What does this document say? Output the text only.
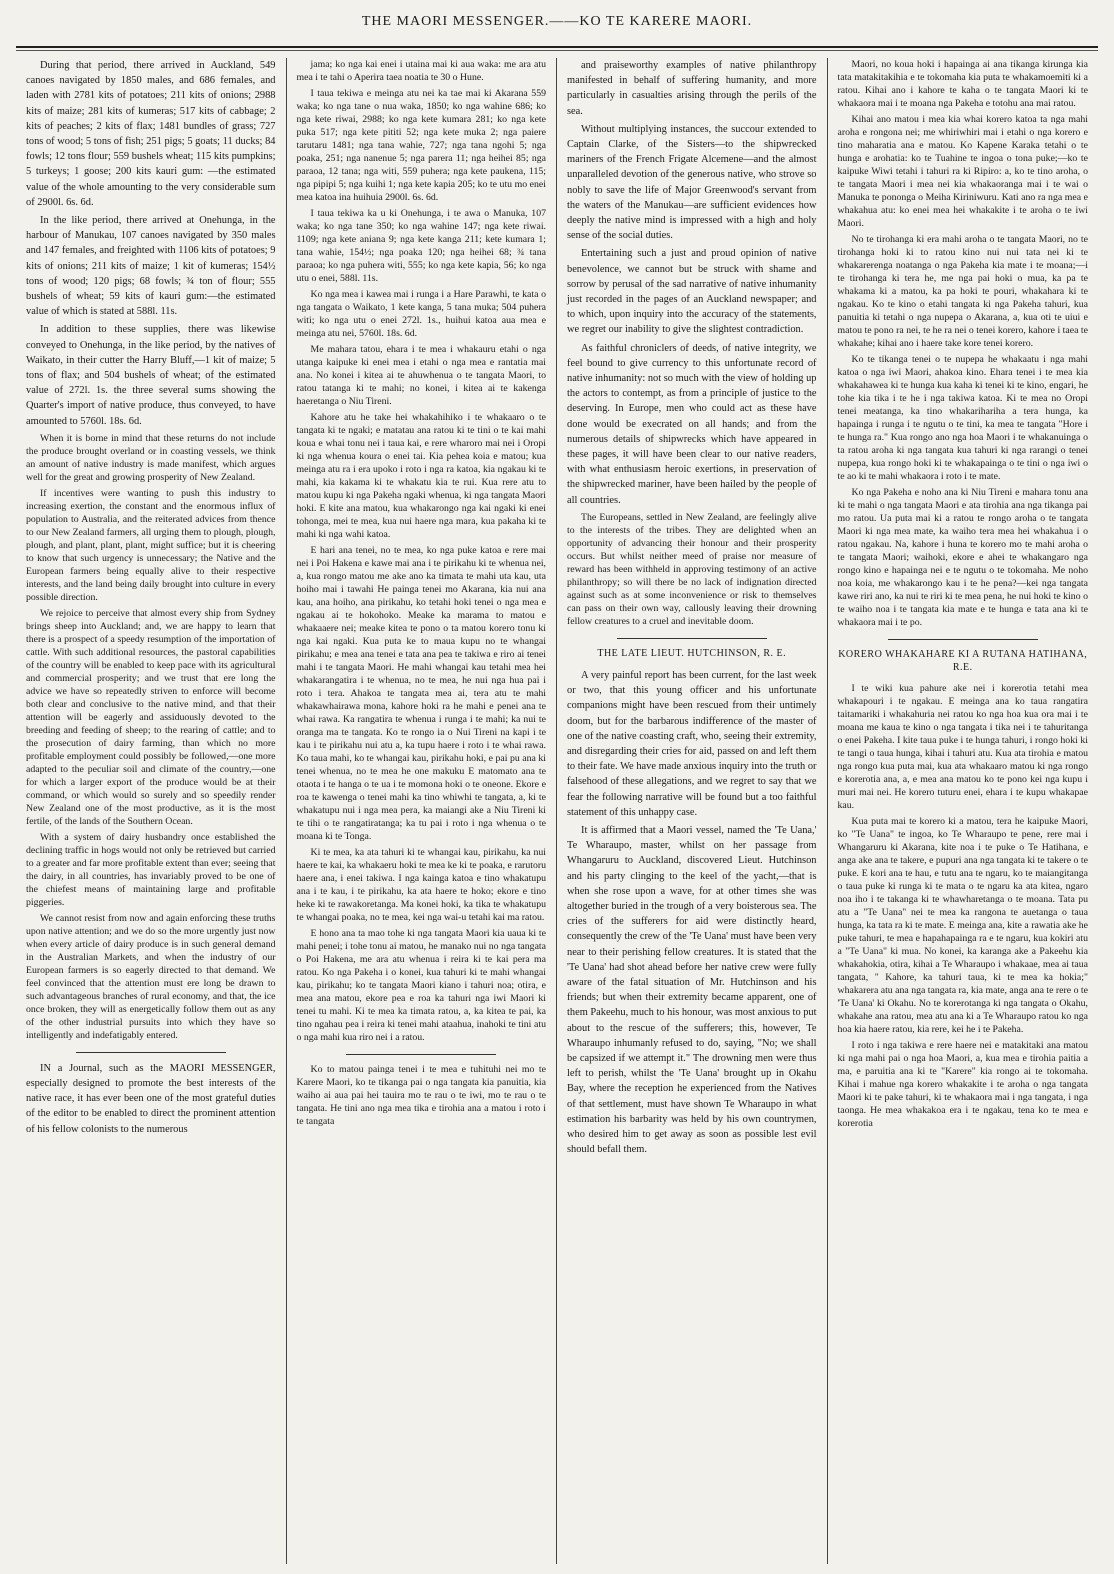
THE MAORI MESSENGER.——KO TE KARERE MAORI.

During that period, there arrived in Auckland, 549 canoes navigated by 1850 males, and 686 females, and laden with 2781 kits of potatoes; 211 kits of onions; 2988 kits of maize; 281 kits of kumeras; 517 kits of cabbage; 2 kits of peaches; 2 kits of flax; 1481 bundles of grass; 727 tons of wood; 5 tons of fish; 251 pigs; 5 goats; 11 ducks; 84 fowls; 12 tons flour; 559 bushels wheat; 115 kits pumpkins; 5 turkeys; 1 goose; 200 kits kauri gum: —the estimated value of the whole amounting to the very considerable sum of 2900l. 6s. 6d.

In the like period, there arrived at Onehunga, in the harbour of Manukau, 107 canoes navigated by 350 males and 147 females, and freighted with 1106 kits of potatoes; 9 kits of onions; 211 kits of maize; 1 kit of kumeras; 154½ tons of wood; 120 pigs; 68 fowls; ¾ ton of flour; 555 bushels of wheat; 59 kits of kauri gum:—the estimated value of which is stated at 588l. 11s.

In addition to these supplies, there was likewise conveyed to Onehunga, in the like period, by the natives of Waikato, in their cutter the Harry Bluff,—1 kit of maize; 5 tons of flax; and 504 bushels of wheat; of the estimated value of 272l. 1s. the three several sums showing the Quarter's import of native produce, thus conveyed, to have amounted to 5760l. 18s. 6d.

When it is borne in mind that these returns do not include the produce brought overland or in coasting vessels, we think an amount of native industry is made manifest, which argues well for the great and growing prosperity of New Zealand.

If incentives were wanting to push this industry to increasing exertion, the constant and the enormous influx of population to Australia, and the reiterated advices from thence to our New Zealand farmers, all urging them to plough, plough, plough, and plant, plant, plant, might suffice; but it is cheering to know that such urgency is unnecessary; the Native and the European farmers being equally alive to their respective interests, and the land being daily brought into culture in every possible direction.

We rejoice to perceive that almost every ship from Sydney brings sheep into Auckland; and, we are happy to learn that there is a prospect of a speedy resumption of the importation of cattle. With such additional resources, the pastoral capabilities of the country will be enabled to keep pace with its agricultural and commercial prosperity; and we trust that ere long the advice we have so repeatedly striven to enforce will become both clear and conclusive to the native mind, and that their attention will be eagerly and assiduously devoted to the breeding and feeding of sheep; to the rearing of cattle; and to the prosecution of dairy farming, than which no more profitable employment could possibly be followed,—one more adapted to the peculiar soil and climate of the country,—one for which a larger export of the produce would be at their command, or which would so surely and so speedily render New Zealand one of the most productive, as it is the most fertile, of the lands of the Southern Ocean.

With a system of dairy husbandry once established the declining traffic in hogs would not only be retrieved but carried to a greater and far more profitable extent than ever; seeing that the dairy, in all countries, has invariably proved to be one of the chiefest means of maintaining large and profitable piggeries.

We cannot resist from now and again enforcing these truths upon native attention; and we do so the more urgently just now when every article of dairy produce is in such general demand in the Australian Markets, and when the industry of our European farmers is so eagerly directed to that demand. We feel convinced that the attention must ere long be drawn to such advantageous branches of rural economy, and that, the ice once broken, they will as energetically follow them out as any of the other industrial pursuits into which they have so intelligently and indefatigably entered.

IN a Journal, such as the MAORI MESSENGER, especially designed to promote the best interests of the native race, it has ever been one of the most grateful duties of the editor to be enabled to direct the prominent attention of his fellow colonists to the numerous

jama; ko nga kai enei i utaina mai ki aua waka: me ara atu mea i te tahi o Aperira taea noatia te 30 o Hune.

I taua tekiwa e meinga atu nei ka tae mai ki Akarana 559 waka; ko nga tane o nua waka, 1850; ko nga wahine 686; ko nga kete riwai, 2988; ko nga kete kumara 281; ko nga kete puka 517; nga kete pititi 52; nga kete muka 2; nga paiere tarutaru 1481; nga tana wahie, 727; nga tana ngohi 5; nga poaka, 251; nga nanenue 5; nga parera 11; nga heihei 85; nga paraoa, 12 tana; nga witi, 559 puhera; nga kete paukena, 115; nga pipipi 5; nga kuihi 1; nga kete kapia 205; ko te utu mo enei mea katoa ina huihuia 2900l. 6s. 6d.

I taua tekiwa ka u ki Onehunga, i te awa o Manuka, 107 waka; ko nga tane 350; ko nga wahine 147; nga kete riwai. 1109; nga kete aniana 9; nga kete kanga 211; kete kumara 1; tana wahie, 154½; nga poaka 120; nga heihei 68; ¾ tana paraoa; ko nga puhera witi, 555; ko nga kete kapia, 56; ko nga utu o enei, 588l. 11s.

Ko nga mea i kawea mai i runga i a Hare Parawhi, te kata o nga tangata o Waikato, 1 kete kanga, 5 tana muka; 504 puhera witi; ko nga utu o enei 272l. 1s., huihui katoa aua mea e meinga atu nei, 5760l. 18s. 6d.

Me mahara tatou, ehara i te mea i whakauru etahi o nga utanga kaipuke ki enei mea i etahi o nga mea e rantatia mai ana. No konei i kitea ai te ahuwhenua o te tangata Maori, to ratou tatanga ki te mahi; no konei, i kitea ai te kakenga haeretanga o Niu Tireni.

Kahore atu he take hei whakahihiko i te whakaaro o te tangata ki te ngaki; e matatau ana ratou ki te tini o te kai mahi koua e whai tonu nei i taua kai, e rere wharoro mai nei i Oropi ki nga whenua koura o enei tai. Kia pehea koia e matou; kua meinga atu ra i era upoko i roto i nga ra katoa, kia ngakau ki te mahi, kia kakama ki te whakatu kia te rui. Kua rere atu to matou kupu ki nga Pakeha ngaki whenua, ki nga tangata Maori hoki. E kite ana matou, kua whakarongo nga kai ngaki ki enei tohonga, mei te mea, kua nui haere nga mara, kua pakaha ki te mahi ki nga wahi katoa.

E hari ana tenei, no te mea, ko nga puke katoa e rere mai nei i Poi Hakena e kawe mai ana i te pirikahu ki te whenua nei, a, kua rongo matou me ake ano ka timata te mahi uta kau, uta hoiho mai i tawahi He painga tenei mo Akarana, kia nui ana kau, ana hoiho, ana pirikahu, ko tetahi hoki tenei o nga mea e ngakau ai te hokohoko. Meake ka marama to matou e whakaaere nei; meake kitea te pono o ta matou korero tonu ki nga kai ngaki. Kua puta ke to maua kupu no te whangai pirikahu; e mea ana tenei e tata ana pea te takiwa e riro ai tenei mahi i te tangata Maori. He mahi whangai kau tetahi mea hei whakarangatira i te whenua, no te mea, he nui nga hua pai i roto i tera. Ahakoa te tangata mea ai, tera atu te mahi whakawhairawa mona, kahore hoki ra he mahi e penei ana te whai rawa. Ka rangatira te whenua i runga i te mahi; ka nui te oranga ma te tangata. Ko te rongo ia o Nui Tireni na kapi i te kau i te pirikahu nui atu a, ka tupu haere i roto i te whai rawa. Ko taua mahi, ko te whangai kau, pirikahu hoki, e pai pu ana ki tenei whenua, no te mea he one makuku E matomato ana te otaota i te hanga o te ua i te momona hoki o te oneone. Ekore e roa te kawenga o tenei mahi ka tino whiwhi te tangata, a, ki te whakatupu nui i nga mea pera, ka maiangi ake a Niu Tireni ki te tihi o te rangatiratanga; ka tu pai i roto i nga whenua o te moana ki te Tonga.

Ki te mea, ka ata tahuri ki te whangai kau, pirikahu, ka nui haere te kai, ka whakaeru hoki te mea ke ki te poaka, e rarutoru haere ana, i enei takiwa. I nga kainga katoa e tino whakatupu ana i te kau, i te pirikahu, ka ata haere te hoko; ekore e tino heke ki te rawakoretanga. Ma konei hoki, ka tika te whakatupu te whangai poaka, no te mea, kei nga wai-u tetahi kai ma ratou.

E hono ana ta mao tohe ki nga tangata Maori kia uaua ki te mahi penei; i tohe tonu ai matou, he manako nui no nga tangata o Poi Hakena, me ara atu whenua i reira ki te kai pera ma ratou. Ko nga Pakeha i o konei, kua tahuri ki te mahi whangai kau, pirikahu; ko te tangata Maori kiano i tahuri noa; otira, e mea ana matou, ekore pea e roa ka tahuri nga iwi Maori ki tenei tu mahi. Ki te mea ka timata ratou, a, ka kitea te pai, ka tino ngahau pea i reira ki tenei mahi ataahua, inahoki te tini atu o nga mahi kua riro nei i a ratou.

Ko to matou painga tenei i te mea e tuhituhi nei mo te Karere Maori, ko te tikanga pai o nga tangata kia panuitia, kia waiho ai aua pai hei tauira mo te rau o te iwi, mo te rau o te tangata. He tini ano nga mea tika e tirohia ana a matou i roto i te tangata

and praiseworthy examples of native philanthropy manifested in behalf of suffering humanity, and more particularly in casualties arising through the perils of the sea.

Without multiplying instances, the succour extended to Captain Clarke, of the Sisters—to the shipwrecked mariners of the French Frigate Alcemene—and the almost unparalleled devotion of the generous native, who strove so nobly to save the life of Major Greenwood's servant from the waters of the Manukau—are sufficient evidences how deeply the native mind is impressed with a high and holy sense of the social duties.

Entertaining such a just and proud opinion of native benevolence, we cannot but be struck with shame and sorrow by perusal of the sad narrative of native inhumanity just recorded in the pages of an Auckland newspaper; and to which, upon inquiry into the accuracy of the statements, we regret our inability to give the slightest contradiction.

As faithful chroniclers of deeds, of native integrity, we feel bound to give currency to this unfortunate record of native inhumanity: not so much with the view of holding up the actors to contempt, as from a principle of justice to the deserving. In Europe, men who could act as these have done would be execrated on all hands; and from the numerous details of shipwrecks which have appeared in these pages, it will have been clear to our native readers, with what enthusiasm heroic exertions, in preservation of the shipwrecked mariner, have been hailed by the people of all countries.

The Europeans, settled in New Zealand, are feelingly alive to the interests of the tribes. They are delighted when an opportunity of advancing their honour and their prosperity occurs. But whilst neither meed of praise nor measure of reward has been withheld in approving testimony of an active philanthropy; so will there be no lack of indignation directed against such as at some inconvenience or risk to themselves can pass on their own way, callously leaving their drowning fellow creatures to a cruel and inevitable doom.

THE LATE LIEUT. HUTCHINSON, R. E.

A very painful report has been current, for the last week or two, that this young officer and his unfortunate companions might have been rescued from their untimely doom, but for the barbarous indifference of the master of one of the native coasting craft, who, seeing their extremity, and disregarding their cries for aid, passed on and left them to their fate. We have made anxious inquiry into the truth or falsehood of these allegations, and we regret to say that we fear the following narrative will be found but a too faithful statement of this unhappy case.

It is affirmed that a Maori vessel, named the 'Te Uana,' Te Wharaupo, master, whilst on her passage from Whangaruru to Auckland, discovered Lieut. Hutchinson and his party clinging to the keel of the yacht,—that is when she rose upon a wave, for at other times she was altogether buried in the trough of a very boisterous sea. The cries of the sufferers for aid were distinctly heard, consequently the crew of the 'Te Uana' must have been very near to their perishing fellow creatures. It is stated that the 'Te Uana' had shot ahead before her native crew were fully aware of the fatal situation of Mr. Hutchinson and his friends; but when their extremity became apparent, one of them Pakeehu, much to his honour, was most anxious to put about to the rescue of the sufferers; this, however, Te Wharaupo inhumanly refused to do, saying, "No; we shall be capsized if we attempt it." The drowning men were thus left to perish, whilst the 'Te Uana' brought up in Okahu Bay, where the reception he experienced from the Natives of that settlement, must have shown Te Wharaupo in what estimation his barbarity was held by his own countrymen, who desired him to get away as soon as possible lest evil should befall them.

Maori, no koua hoki i hapainga ai ana tikanga kirunga kia tata matakitakihia e te tokomaha kia puta te whakamoemiti ki a ratou. Kihai ano i kahore te kaha o te tangata Maori ki te whakaora mai i te moana nga Pakeha e totohu ana mai ratou.

Kihai ano matou i mea kia whai korero katoa ta nga mahi aroha e rongona nei; me whiriwhiri mai i etahi o nga korero e tino maharatia ana e matou. Ko Kapene Karaka tetahi o te hunga e arohatia: ko te Tuahine te ingoa o tona puke;—ko te kaipuke Wiwi tetahi i tahuri ra ki Ripiro: a, ko te tino aroha, o te tangata Maori i mea nei kia whakaoranga mai i te wai o Manuka te pononga o Meiha Kiriniwuru. Kati ano ra nga mea e whakahua atu: ko enei mea hei whakakite i te aroha o te iwi Maori.

No te tirohanga ki era mahi aroha o te tangata Maori, no te tirohanga hoki ki to ratou kino nui nui tata nei ki te whakarerenga noatanga o nga Pakeha kia mate i te moana;—i te tirohanga ki tera he, me nga pai hoki o mua, ka pa te whakama ki a matou, ka pa hoki te pouri, whakahara ki te ngakau. Ko te kino o etahi tangata ki nga Pakeha tahuri, kua panuitia ki tetahi o nga nupepa o Akarana, a, kua oti te uiui e matou te pono ra nei, te he ra nei o tenei korero, kahore i taea te whakahe; kihai ano i haere take kore tenei korero.

Ko te tikanga tenei o te nupepa he whakaatu i nga mahi katoa o nga iwi Maori, ahakoa kino. Ehara tenei i te mea kia whakahawea ki te hunga kua kaha ki tenei ki te kino, engari, he tohe kia tika i te he i nga takiwa katoa. Ki te mea no Oropi tenei meatanga, ka tino whakarihariha a tera hunga, ka hapainga i runga i te ngutu o te tini, ka mea te tangata "Hore i te hunga ra." Kua rongo ano nga hoa Maori i te whakanuinga o ta ratou aroha ki nga tangata kua tahuri ki nga rarangi o tenei nupepa, kua rongo hoki ki te whakapainga o te tini o nga iwi o te ao ki te mahi whakaora i roto i te mate.

Ko nga Pakeha e noho ana ki Niu Tireni e mahara tonu ana ki te mahi o nga tangata Maori e ata tirohia ana nga tikanga pai mo ratou. Ua puta mai ki a ratou te rongo aroha o te tangata Maori ki nga mea mate, ka waiho tera mea hei whakahua i o ratou ngakau. Na, kahore i huna te korero mo te mahi aroha o te tangata Maori; waihoki, ekore e ahei te whakangaro nga rongo kino e hapainga nei e te ngutu o te tokomaha. Me noho noa koia, me whakarongo kau i te he pena?—kei nga tangata kawe riri ano, ka nui te riri ki te mea pena, he nui hoki te kino o te waiho noa i te tangata kia mate e te hunga e tata ana ki te whakaora mai i te po.

KORERO WHAKAHARE KI A RUTANA HATIHANA, R.E.

I te wiki kua pahure ake nei i korerotia tetahi mea whakapouri i te ngakau. E meinga ana ko taua rangatira taitamariki i whakahuria nei ratou ko nga hoa kua ora mai i te moana me kaua te kino o nga tangata i tika nei i te tahuritanga o enei Pakeha. I kite taua puke i te hunga tahuri, i rongo hoki ki te tangi o taua hunga, kihai i tahuri atu. Kua ata tirohia e matou nga rongo kua puta mai, kua ata whakaaro matou ki nga rongo e korerotia ana, a, e mea ana matou ko te pono kei nga kupu i muri mai nei. He korero tuturu enei, ehara i te kupu whakapae kau.

Kua puta mai te korero ki a matou, tera he kaipuke Maori, ko "Te Uana" te ingoa, ko Te Wharaupo te pene, rere mai i Whangaruru ki Akarana, kite noa i te puke o Te Hatihana, e anga ake ana te takere, e pupuri ana nga tangata ki te takere o te puke. E kori ana te hau, e tutu ana te ngaru, ko te maiangitanga o taua puke ki runga ki te mata o te ngaru ka ata kitea, ngaro noa iho i te takanga ki te whawharetanga o te moana. Tata pu atu a "Te Uana" nei te mea ka rangona te auetanga o taua hunga, ka tata ra ki te mate. E meinga ana, kite a rawatia ake he puke tahuri, te mea e hapahapainga ra e te ngaru, kua kokiri atu a "Te Uana" ki mua. No konei, ka karanga ake a Pakeehu kia whakahokia, otira, kihai a Te Wharaupo i whakaae, mea ai taua tangata, " Kahore, ka tahuri taua, ki te mea ka hokia;" whakarera atu ana nga tangata ra, kia mate, anga ana te rere o te 'Te Uana' ki Okahu. No te korerotanga ki nga tangata o Okahu, whakahe ana ratou, mea atu ana ki a Te Wharaupo ratou ko nga hoa kia haere ratou, kia rere, kei he i te Pakeha.

I roto i nga takiwa e rere haere nei e matakitaki ana matou ki nga mahi pai o nga hoa Maori, a, kua mea e tirohia paitia a ma, e paruitia ana ki te "Karere" kia rongo ai te tokomaha. Kihai i mahue nga korero whakakite i te aroha o nga tangata Maori ki te pake tahuri, ki te whakaora mai i nga tangata, i nga taonga. He mea whakakoa era i te ngakau, tena ko te mea e korerotia
